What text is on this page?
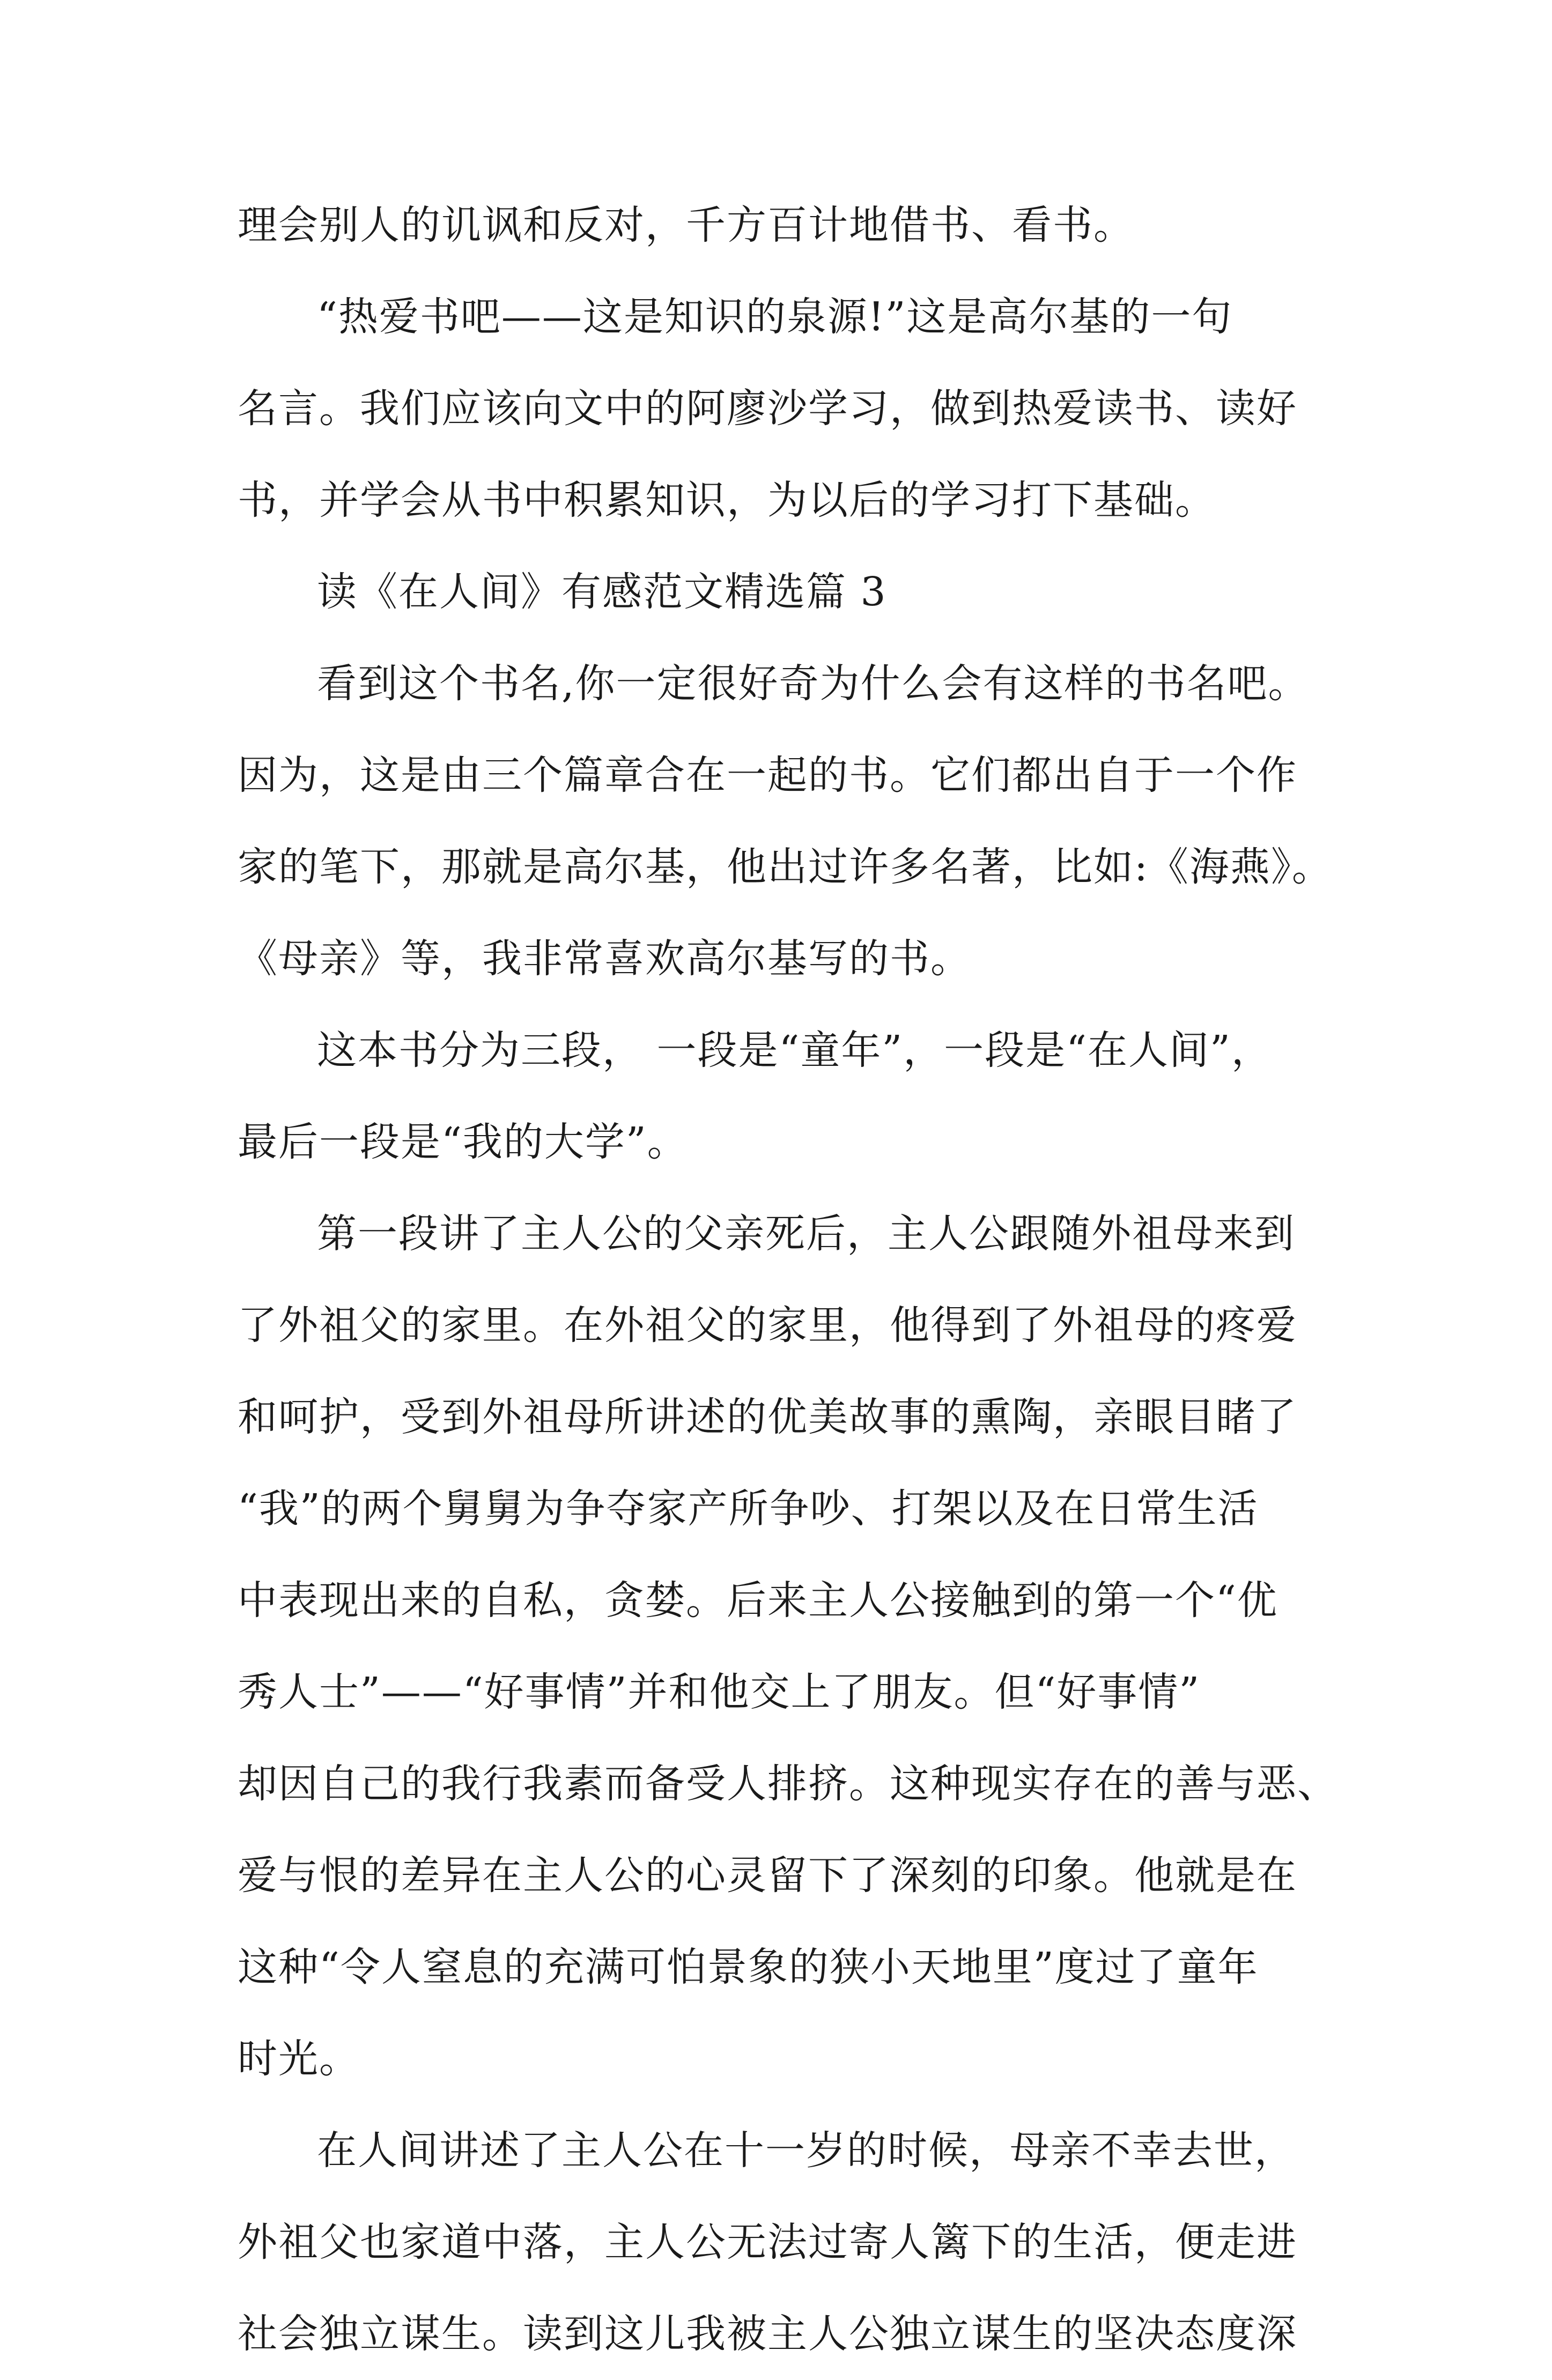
理会别人的讥讽和反对，千方百计地借书、看书。
“热爱书吧——这是知识的泉源!”这是高尔基的一句
名言。我们应该向文中的阿廖沙学习，做到热爱读书、读好
书，并学会从书中积累知识，为以后的学习打下基础。
读《在人间》有感范文精选篇 3
看到这个书名,你一定很好奇为什么会有这样的书名吧。
因为，这是由三个篇章合在一起的书。它们都出自于一个作
家的笔下，那就是高尔基，他出过许多名著，比如:《海燕》。
《母亲》等，我非常喜欢高尔基写的书。
这本书分为三段， 一段是“童年”，一段是“在人间”，
最后一段是“我的大学”。
第一段讲了主人公的父亲死后，主人公跟随外祖母来到
了外祖父的家里。在外祖父的家里，他得到了外祖母的疼爱
和呵护，受到外祖母所讲述的优美故事的熏陶，亲眼目睹了
“我”的两个舅舅为争夺家产所争吵、打架以及在日常生活
中表现出来的自私，贪婪。后来主人公接触到的第一个“优
秀人士”——“好事情”并和他交上了朋友。但“好事情”
却因自己的我行我素而备受人排挤。这种现实存在的善与恶、
爱与恨的差异在主人公的心灵留下了深刻的印象。他就是在
这种“令人窒息的充满可怕景象的狭小天地里”度过了童年
时光。
在人间讲述了主人公在十一岁的时候，母亲不幸去世，
外祖父也家道中落，主人公无法过寄人篱下的生活，便走进
社会独立谋生。读到这儿我被主人公独立谋生的坚决态度深
